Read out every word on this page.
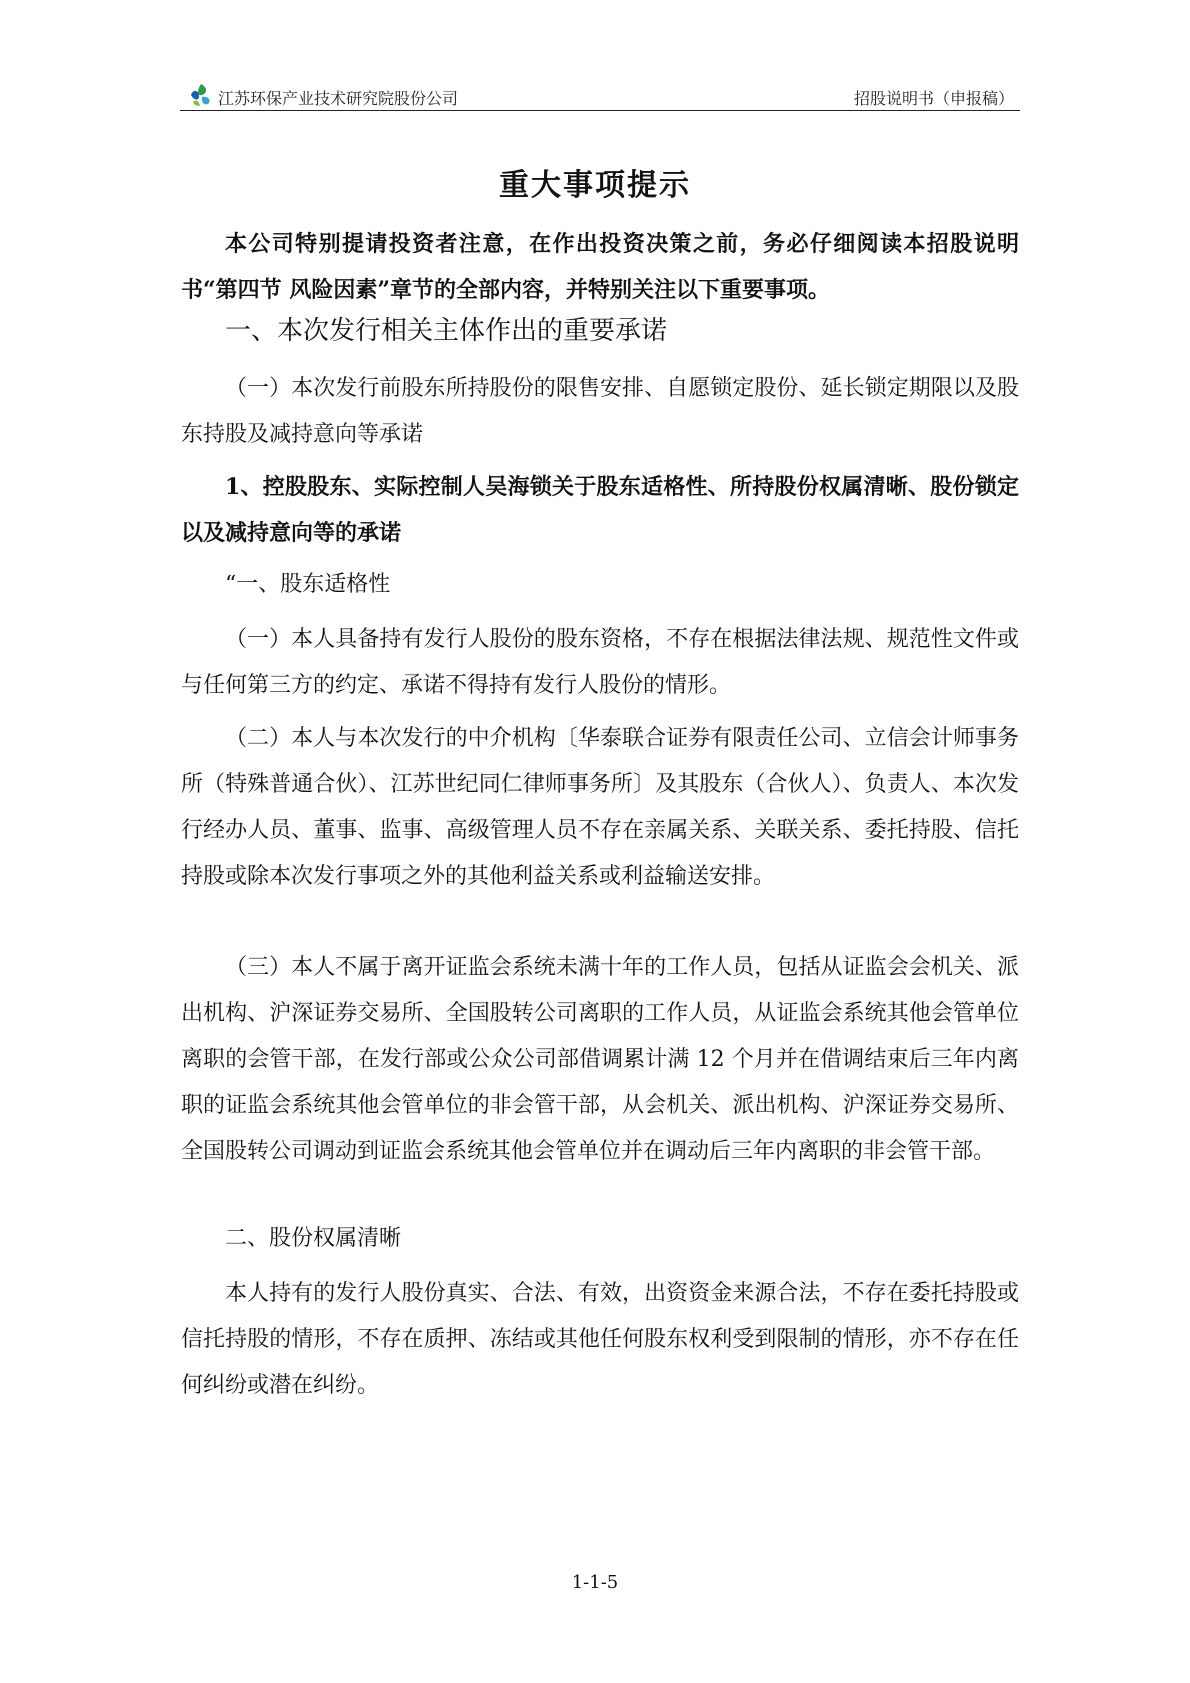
江苏环保产业技术研究院股份公司	招股说明书（申报稿）
重大事项提示

本公司特别提请投资者注意，在作出投资决策之前，务必仔细阅读本招股说明书“第四节 风险因素”章节的全部内容，并特别关注以下重要事项。

一、本次发行相关主体作出的重要承诺

（一）本次发行前股东所持股份的限售安排、自愿锁定股份、延长锁定期限以及股东持股及减持意向等承诺

1、控股股东、实际控制人吴海锁关于股东适格性、所持股份权属清晰、股份锁定以及减持意向等的承诺

“一、股东适格性

（一）本人具备持有发行人股份的股东资格，不存在根据法律法规、规范性文件或与任何第三方的约定、承诺不得持有发行人股份的情形。

（二）本人与本次发行的中介机构〔华泰联合证券有限责任公司、立信会计师事务所（特殊普通合伙）、江苏世纪同仁律师事务所〕及其股东（合伙人）、负责人、本次发行经办人员、董事、监事、高级管理人员不存在亲属关系、关联关系、委托持股、信托持股或除本次发行事项之外的其他利益关系或利益输送安排。

（三）本人不属于离开证监会系统未满十年的工作人员，包括从证监会会机关、派出机构、沪深证券交易所、全国股转公司离职的工作人员，从证监会系统其他会管单位离职的会管干部，在发行部或公众公司部借调累计满 12 个月并在借调结束后三年内离职的证监会系统其他会管单位的非会管干部，从会机关、派出机构、沪深证券交易所、全国股转公司调动到证监会系统其他会管单位并在调动后三年内离职的非会管干部。

二、股份权属清晰

本人持有的发行人股份真实、合法、有效，出资资金来源合法，不存在委托持股或信托持股的情形，不存在质押、冻结或其他任何股东权利受到限制的情形，亦不存在任何纠纷或潜在纠纷。

1-1-5
